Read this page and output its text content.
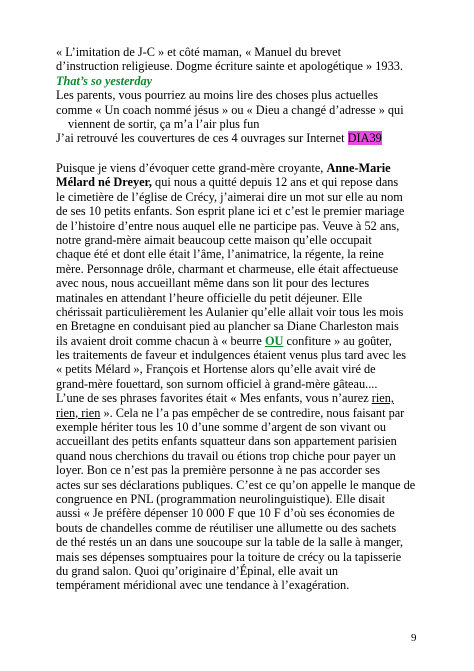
« L’imitation de J-C » et côté maman, « Manuel du brevet
d’instruction religieuse. Dogme écriture sainte et apologétique » 1933.
That’s so yesterday
Les parents, vous pourriez au moins lire des choses plus actuelles
comme « Un coach nommé jésus » ou « Dieu a changé d’adresse » qui
viennent de sortir, ça m’a l’air plus fun
J’ai retrouvé les couvertures de ces 4 ouvrages sur Internet DIA39
Puisque je viens d’évoquer cette grand-mère croyante, Anne-Marie
Mélard né Dreyer, qui nous a quitté depuis 12 ans et qui repose dans
le cimetière de l’église de Crécy, j’aimerai dire un mot sur elle au nom
de ses 10 petits enfants. Son esprit plane ici et c’est le premier mariage
de l’histoire d’entre nous auquel elle ne participe pas. Veuve à 52 ans,
notre grand-mère aimait beaucoup cette maison qu’elle occupait
chaque été et dont elle était l’âme, l’animatrice, la régente, la reine
mère. Personnage drôle, charmant et charmeuse, elle était affectueuse
avec nous, nous accueillant même dans son lit pour des lectures
matinales en attendant l’heure officielle du petit déjeuner. Elle
chérissait particulièrement les Aulanier qu’elle allait voir tous les mois
en Bretagne en conduisant pied au plancher sa Diane Charleston mais
ils avaient droit comme chacun à « beurre OU confiture » au goûter,
les traitements de faveur et indulgences étaient venus plus tard avec les
« petits Mélard », François et Hortense alors qu’elle avait viré de
grand-mère fouettard, son surnom officiel à grand-mère gâteau....
L’une de ses phrases favorites était « Mes enfants, vous n’aurez rien,
rien, rien ». Cela ne l’a pas empêcher de se contredire, nous faisant par
exemple hériter tous les 10 d’une somme d’argent de son vivant ou
accueillant des petits enfants squatteur dans son appartement parisien
quand nous cherchions du travail ou étions trop chiche pour payer un
loyer. Bon ce n’est pas la première personne à ne pas accorder ses
actes sur ses déclarations publiques. C’est ce qu’on appelle le manque de
congruence en PNL (programmation neurolinguistique). Elle disait
aussi « Je préfère dépenser 10 000 F que 10 F d’où ses économies de
bouts de chandelles comme de réutiliser une allumette ou des sachets
de thé restés un an dans une soucoupe sur la table de la salle à manger,
mais ses dépenses somptuaires pour la toiture de crécy ou la tapisserie
du grand salon. Quoi qu’originaire d’Épinal, elle avait un
tempérament méridional avec une tendance à l’exagération.
9
